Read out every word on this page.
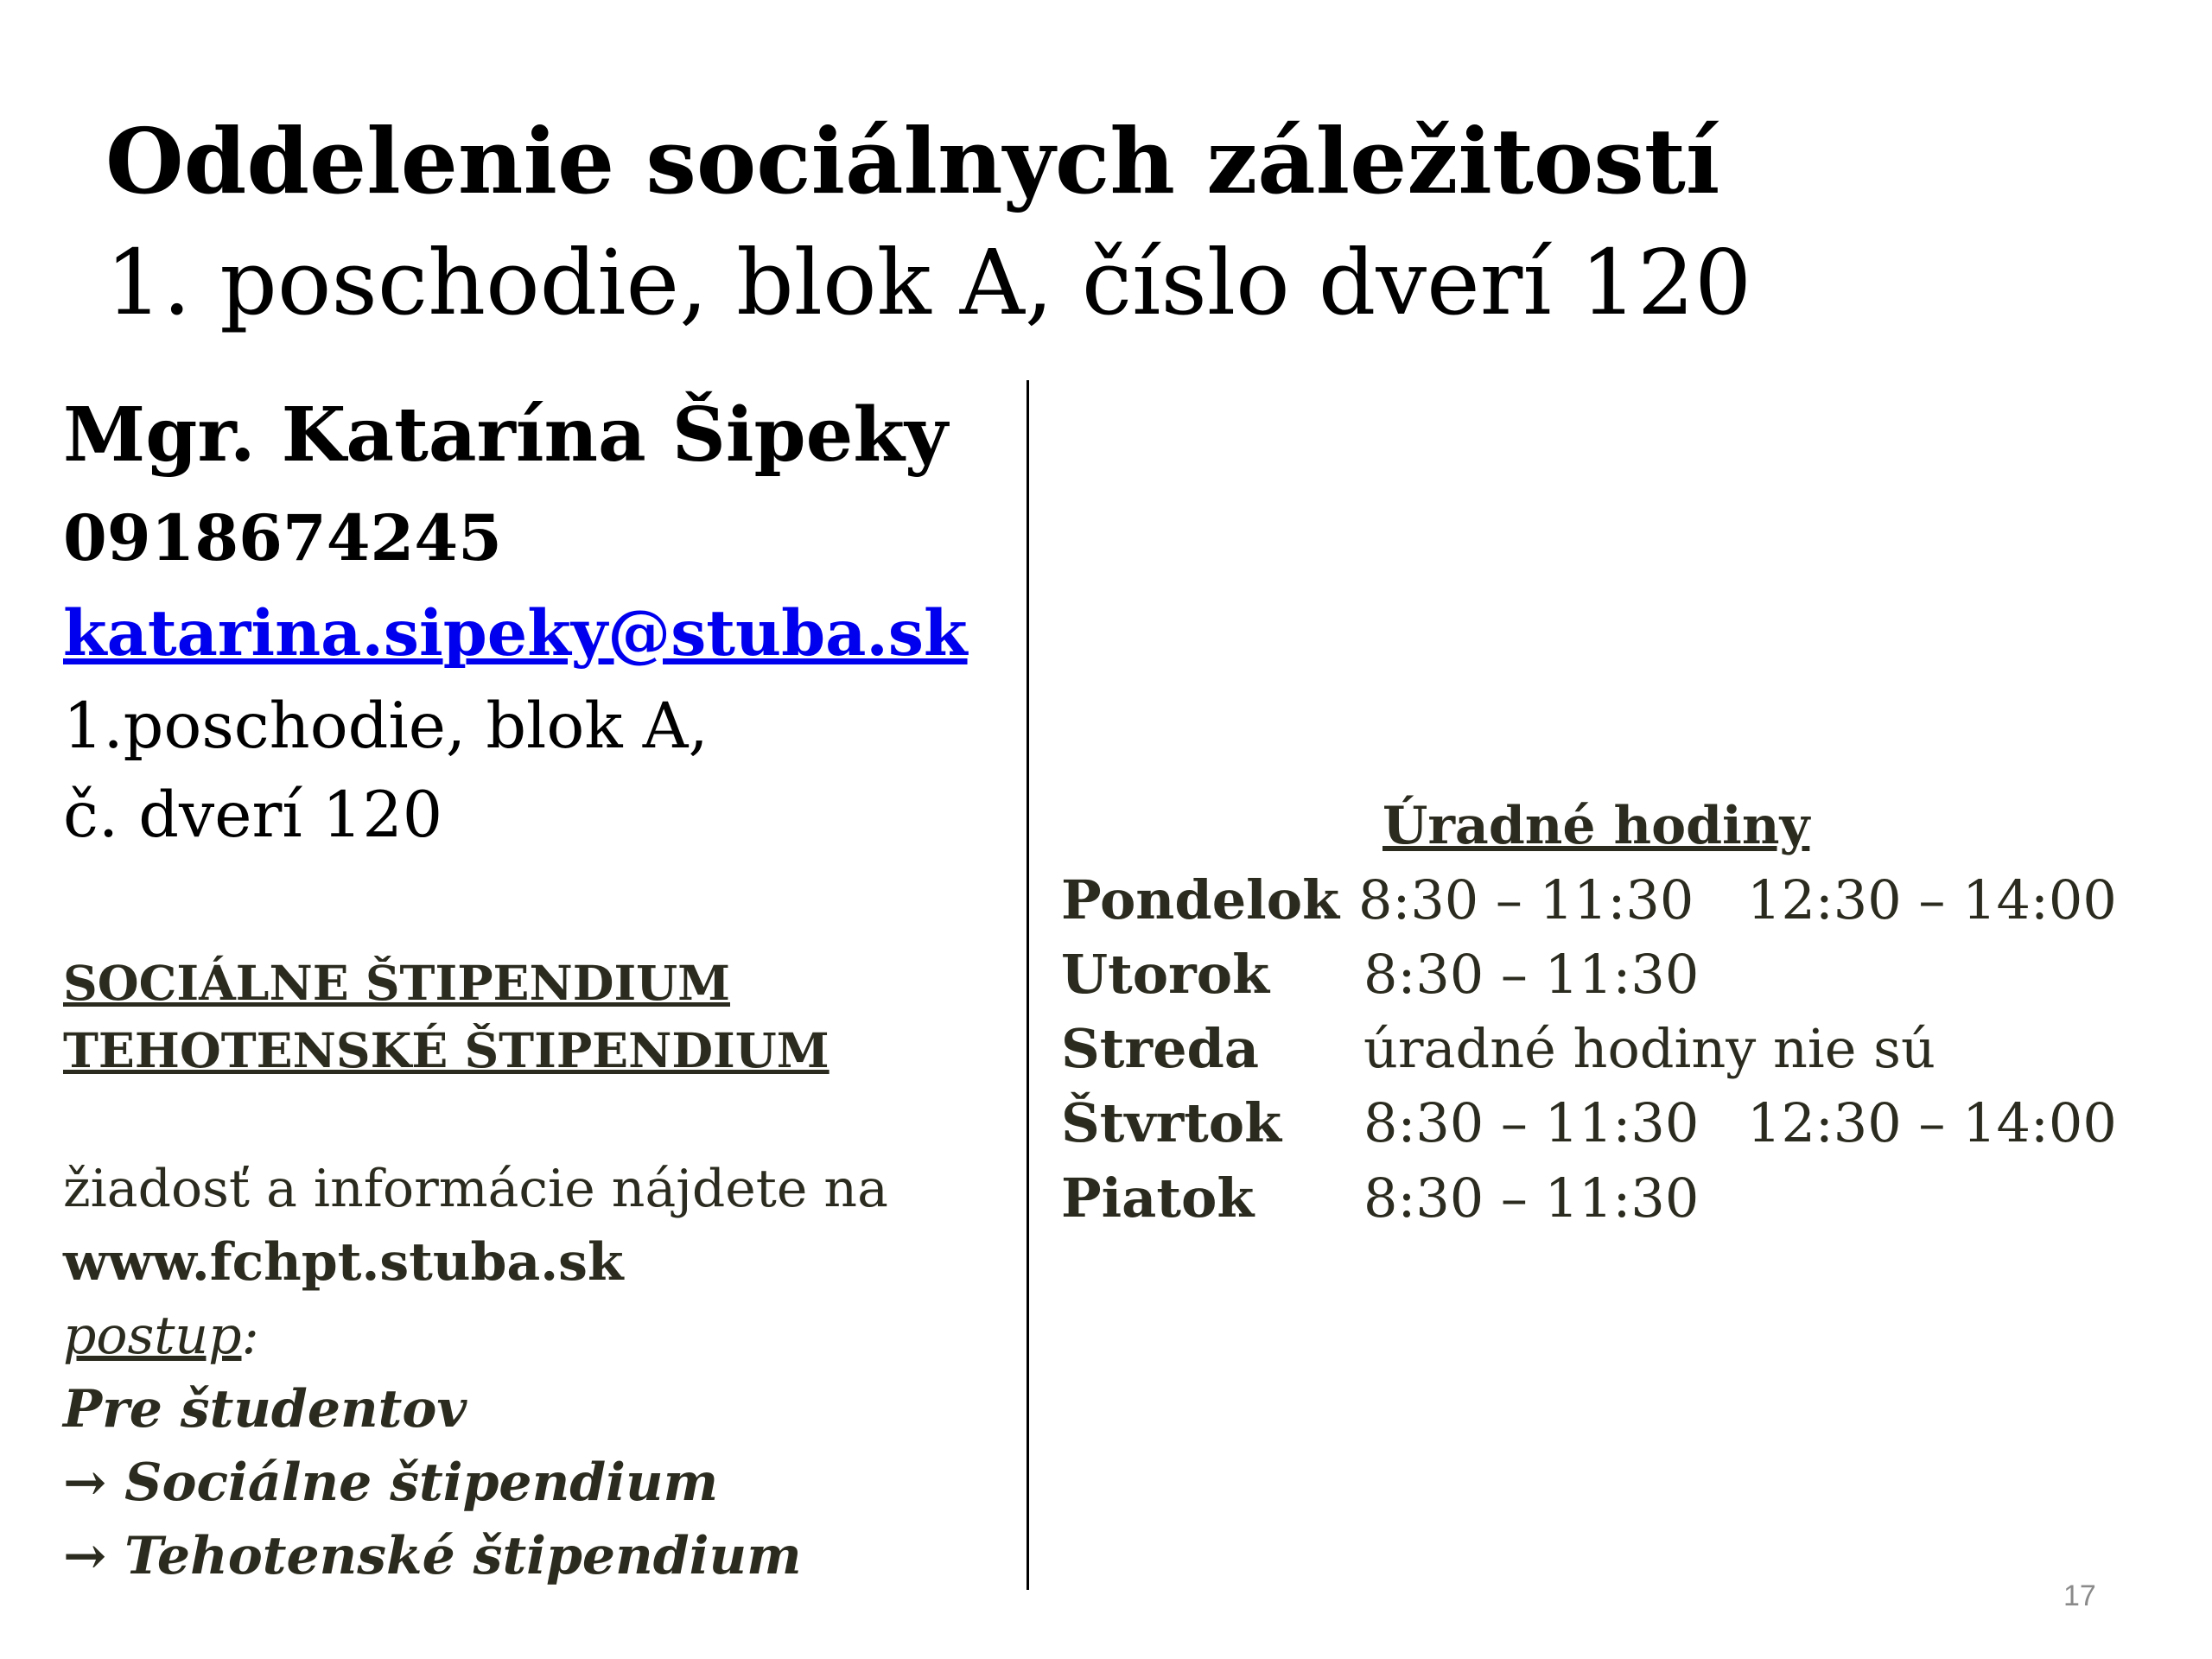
Oddelenie sociálnych záležitostí
1. poschodie, blok A, číslo dverí 120
Mgr. Katarína Šipeky
0918674245
katarina.sipeky@stuba.sk
1.poschodie, blok A,
č. dverí 120
SOCIÁLNE ŠTIPENDIUM
TEHOTENSKÉ ŠTIPENDIUM
žiadosť a informácie nájdete na
www.fchpt.stuba.sk
postup:
Pre študentov
→ Sociálne štipendium
→ Tehotenské štipendium
Úradné hodiny
Pondelok 8:30 – 11:30 12:30 – 14:00
Utorok 8:30 – 11:30
Streda úradné hodiny nie sú
Štvrtok 8:30 – 11:30 12:30 – 14:00
Piatok 8:30 – 11:30
17
